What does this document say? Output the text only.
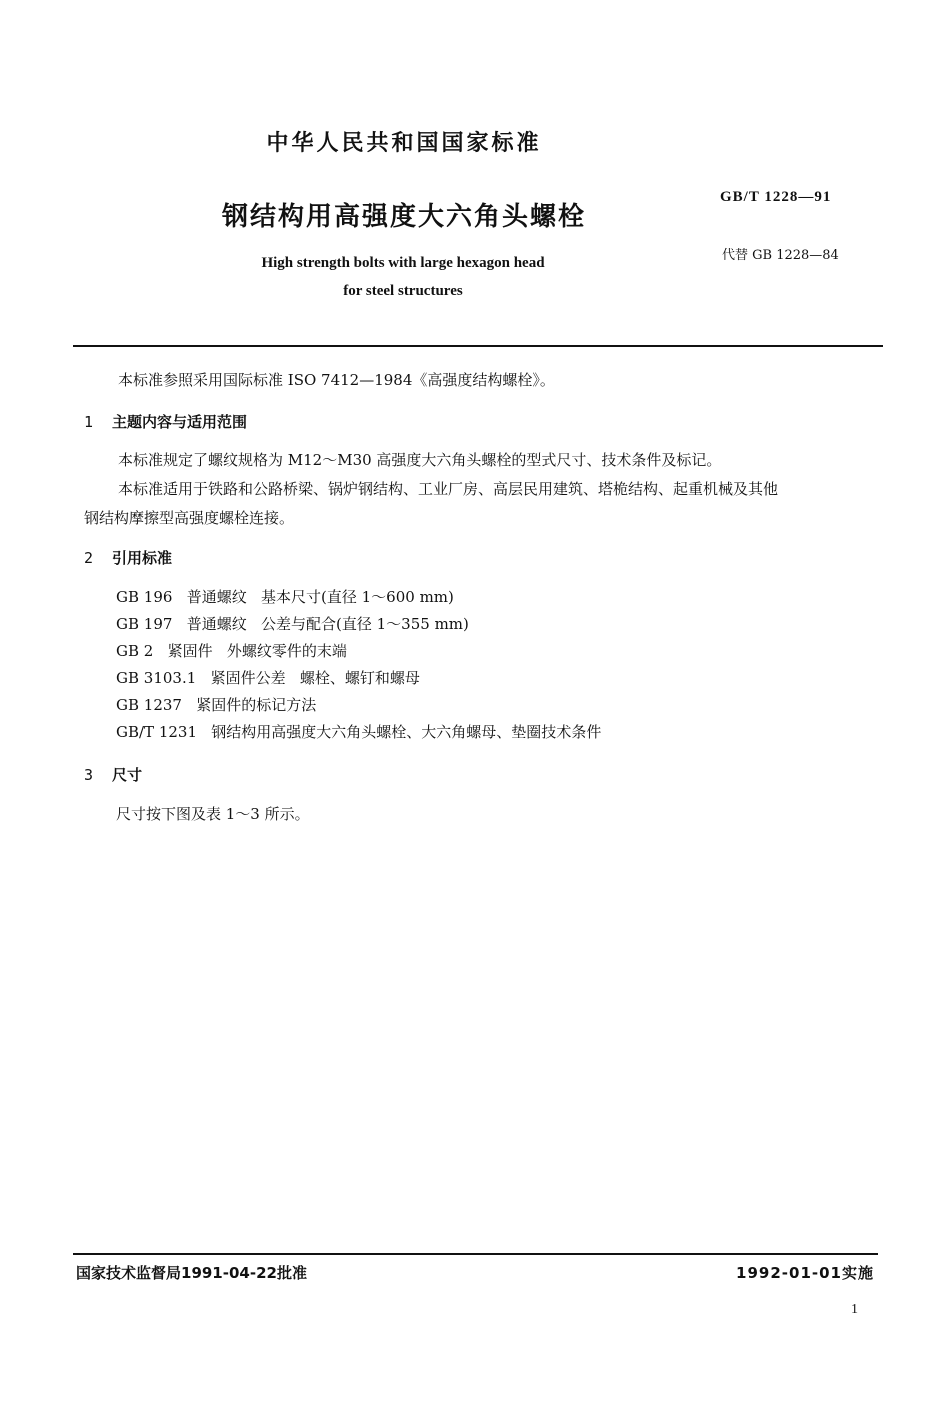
中华人民共和国国家标准
钢结构用高强度大六角头螺栓
High strength bolts with large hexagon head
for steel structures
GB/T 1228—91
代替 GB 1228—84
本标准参照采用国际标准 ISO 7412—1984《高强度结构螺栓》。
1 主题内容与适用范围
本标准规定了螺纹规格为 M12～M30 高强度大六角头螺栓的型式尺寸、技术条件及标记。
本标准适用于铁路和公路桥梁、锅炉钢结构、工业厂房、高层民用建筑、塔桅结构、起重机械及其他
钢结构摩擦型高强度螺栓连接。
2 引用标准
GB 196   普通螺纹   基本尺寸(直径 1～600 mm)
GB 197   普通螺纹   公差与配合(直径 1～355 mm)
GB 2   紧固件   外螺纹零件的末端
GB 3103.1   紧固件公差   螺栓、螺钉和螺母
GB 1237   紧固件的标记方法
GB/T 1231   钢结构用高强度大六角头螺栓、大六角螺母、垫圈技术条件
3 尺寸
尺寸按下图及表 1～3 所示。
国家技术监督局1991-04-22批准	1992-01-01实施
1
